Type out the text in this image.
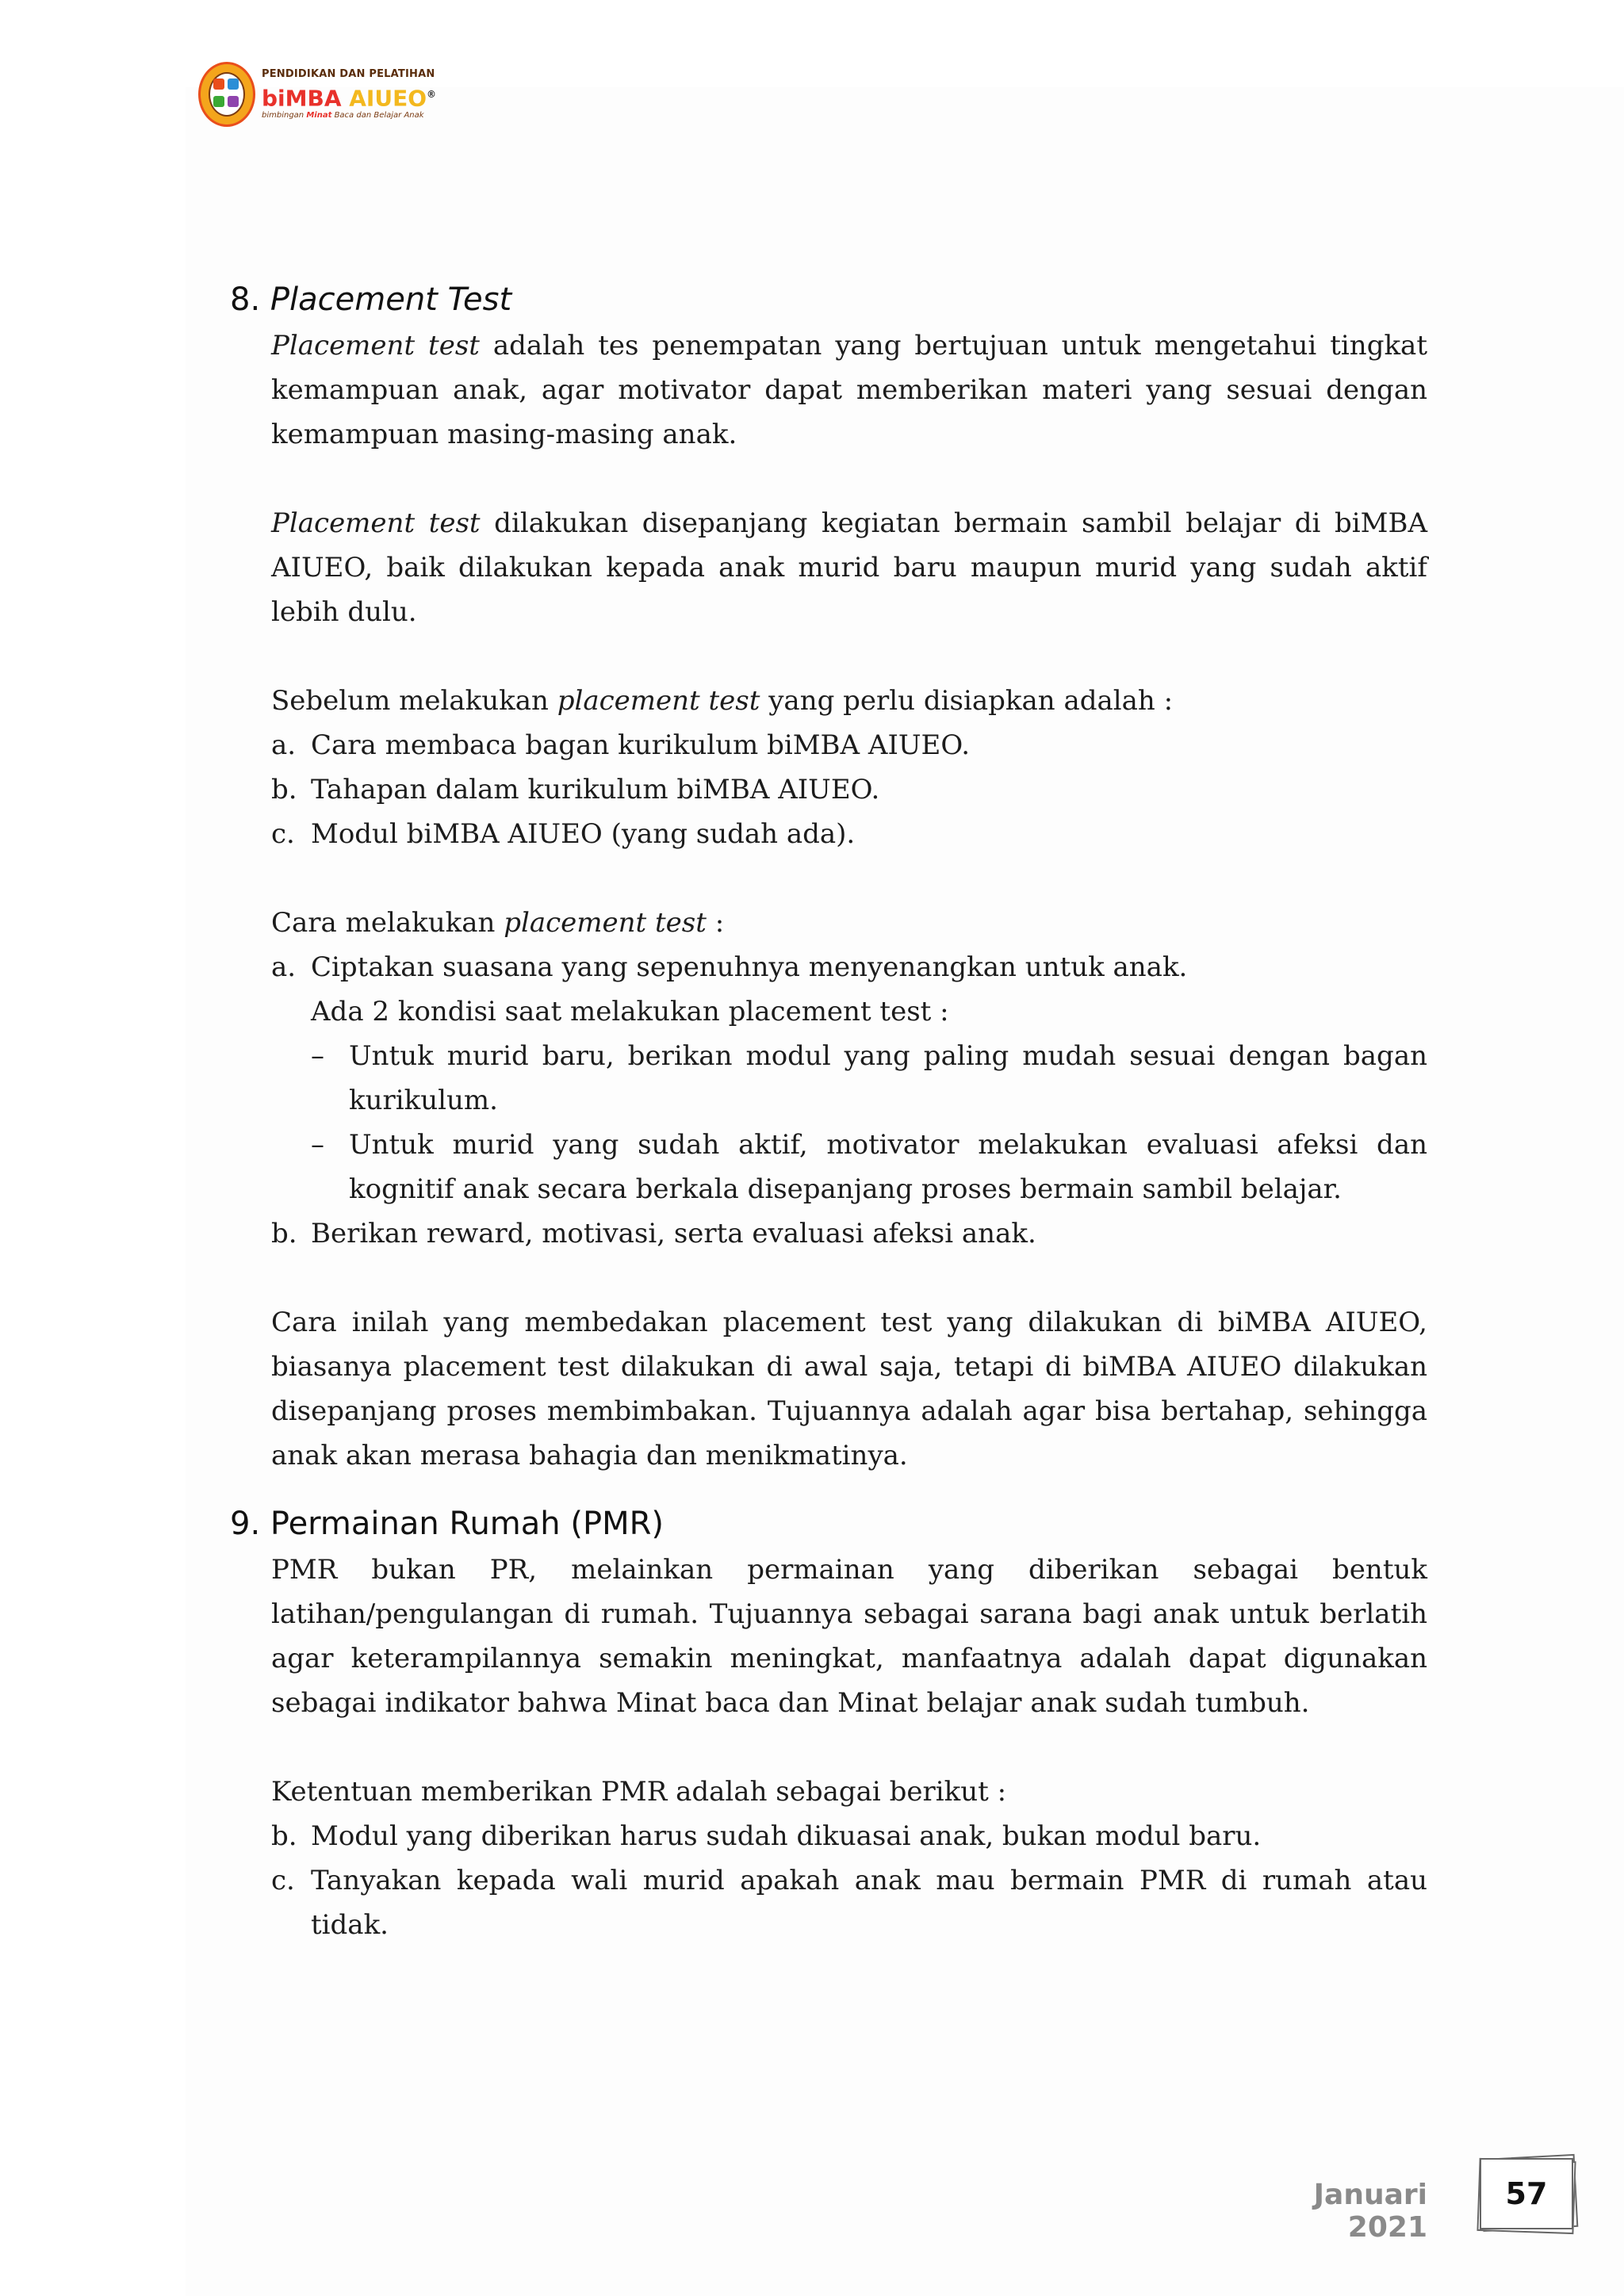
PENDIDIKAN DAN PELATIHAN
biMBA AIUEO®
bimbingan Minat Baca dan Belajar Anak
8. Placement Test

Placement test adalah tes penempatan yang bertujuan untuk mengetahui tingkat kemampuan anak, agar motivator dapat memberikan materi yang sesuai dengan kemampuan masing-masing anak.

Placement test dilakukan disepanjang kegiatan bermain sambil belajar di biMBA AIUEO, baik dilakukan kepada anak murid baru maupun murid yang sudah aktif lebih dulu.

Sebelum melakukan placement test yang perlu disiapkan adalah :

a. Cara membaca bagan kurikulum biMBA AIUEO.
b. Tahapan dalam kurikulum biMBA AIUEO.
c. Modul biMBA AIUEO (yang sudah ada).

Cara melakukan placement test :

a. Ciptakan suasana yang sepenuhnya menyenangkan untuk anak.
Ada 2 kondisi saat melakukan placement test :
– Untuk murid baru, berikan modul yang paling mudah sesuai dengan bagan kurikulum.
– Untuk murid yang sudah aktif, motivator melakukan evaluasi afeksi dan kognitif anak secara berkala disepanjang proses bermain sambil belajar.
b. Berikan reward, motivasi, serta evaluasi afeksi anak.

Cara inilah yang membedakan placement test yang dilakukan di biMBA AIUEO, biasanya placement test dilakukan di awal saja, tetapi di biMBA AIUEO dilakukan disepanjang proses membimbakan. Tujuannya adalah agar bisa bertahap, sehingga anak akan merasa bahagia dan menikmatinya.

9. Permainan Rumah (PMR)

PMR bukan PR, melainkan permainan yang diberikan sebagai bentuk latihan/pengulangan di rumah. Tujuannya sebagai sarana bagi anak untuk berlatih agar keterampilannya semakin meningkat, manfaatnya adalah dapat digunakan sebagai indikator bahwa Minat baca dan Minat belajar anak sudah tumbuh.

Ketentuan memberikan PMR adalah sebagai berikut :

b. Modul yang diberikan harus sudah dikuasai anak, bukan modul baru.
c. Tanyakan kepada wali murid apakah anak mau bermain PMR di rumah atau tidak.
Januari 2021
57
